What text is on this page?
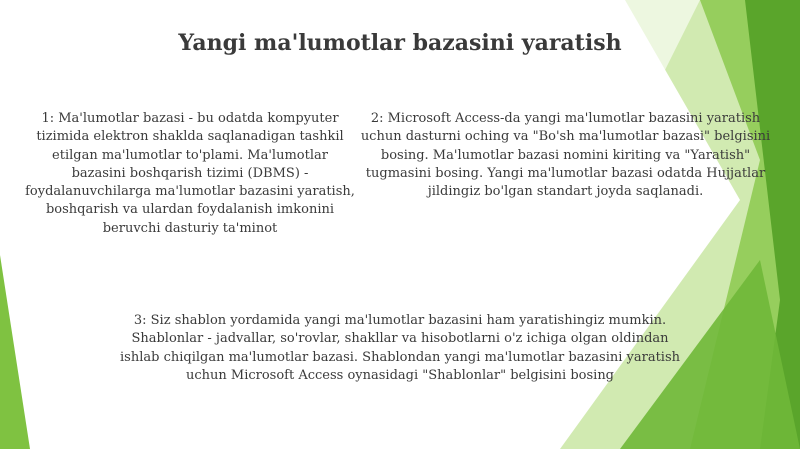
Yangi ma'lumotlar bazasini yaratish
1: Ma'lumotlar bazasi - bu odatda kompyuter tizimida elektron shaklda saqlanadigan tashkil etilgan ma'lumotlar to'plami. Ma'lumotlar bazasini boshqarish tizimi (DBMS) - foydalanuvchilarga ma'lumotlar bazasini yaratish, boshqarish va ulardan foydalanish imkonini beruvchi dasturiy ta'minot
2: Microsoft Access-da yangi ma'lumotlar bazasini yaratish uchun dasturni oching va "Bo'sh ma'lumotlar bazasi" belgisini bosing. Ma'lumotlar bazasi nomini kiriting va "Yaratish" tugmasini bosing. Yangi ma'lumotlar bazasi odatda Hujjatlar jildingiz bo'lgan standart joyda saqlanadi.
3: Siz shablon yordamida yangi ma'lumotlar bazasini ham yaratishingiz mumkin. Shablonlar - jadvallar, so'rovlar, shakllar va hisobotlarni o'z ichiga olgan oldindan ishlab chiqilgan ma'lumotlar bazasi. Shablondan yangi ma'lumotlar bazasini yaratish uchun Microsoft Access oynasidagi "Shablonlar" belgisini bosing
